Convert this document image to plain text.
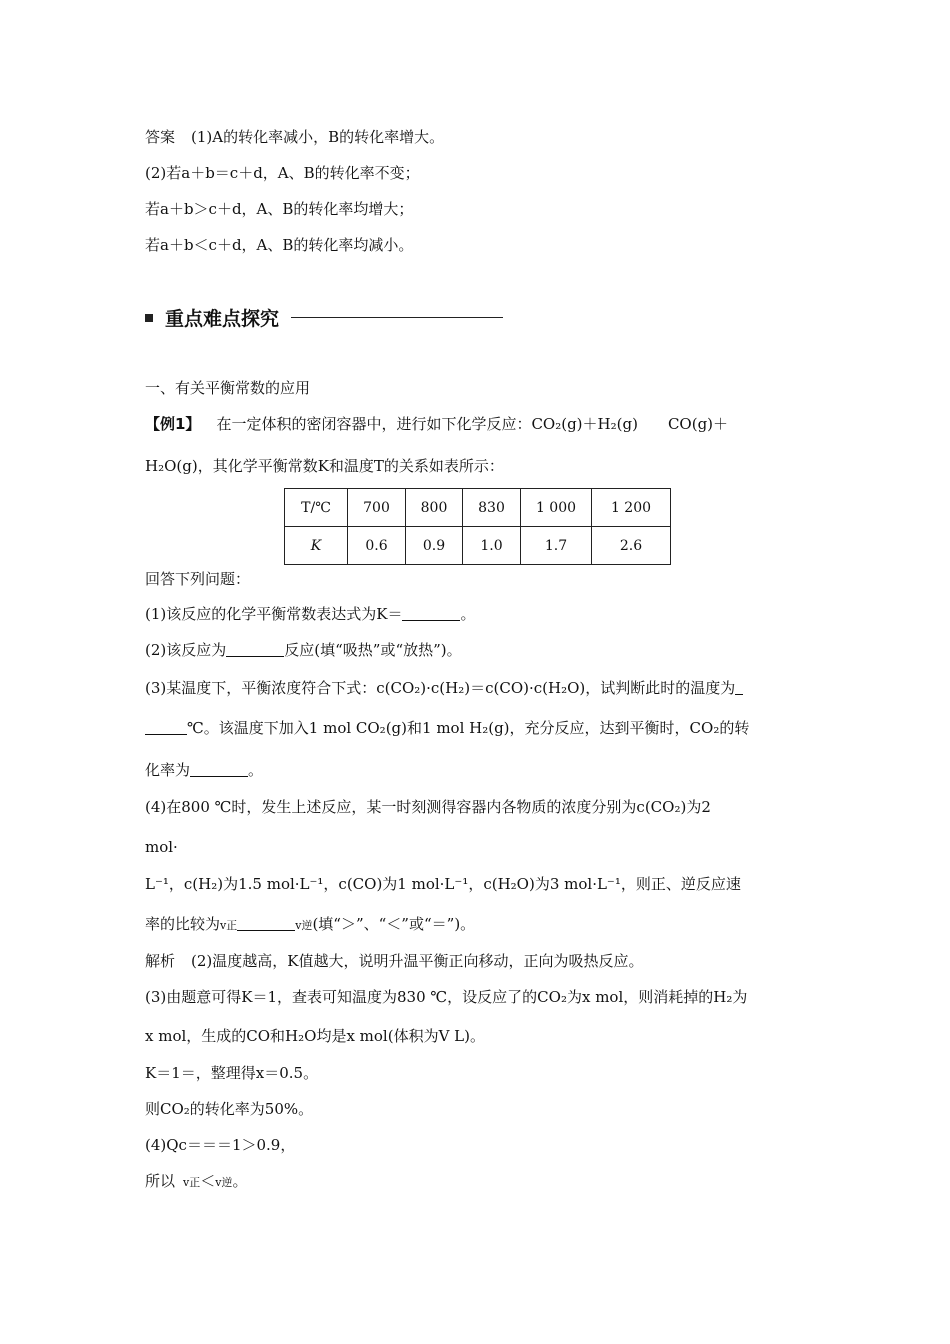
答案 (1)A的转化率减小，B的转化率增大。
(2)若a＋b＝c＋d，A、B的转化率不变；
若a＋b＞c＋d，A、B的转化率均增大；
若a＋b＜c＋d，A、B的转化率均减小。
重点难点探究
一、有关平衡常数的应用
【例1】 在一定体积的密闭容器中，进行如下化学反应：CO₂(g)＋H₂(g) CO(g)＋
H₂O(g)，其化学平衡常数K和温度T的关系如表所示：
T/℃	700	800	830	1 000	1 200
K	0.6	0.9	1.0	1.7	2.6
回答下列问题：
(1)该反应的化学平衡常数表达式为K＝	。
(2)该反应为	反应(填“吸热”或“放热”)。
(3)某温度下，平衡浓度符合下式：c(CO₂)·c(H₂)＝c(CO)·c(H₂O)，试判断此时的温度为
℃。该温度下加入1 mol CO₂(g)和1 mol H₂(g)，充分反应，达到平衡时，CO₂的转
化率为	。
(4)在800 ℃时，发生上述反应，某一时刻测得容器内各物质的浓度分别为c(CO₂)为2
mol·
L⁻¹，c(H₂)为1.5 mol·L⁻¹，c(CO)为1 mol·L⁻¹，c(H₂O)为3 mol·L⁻¹，则正、逆反应速
率的比较为v正	v逆(填“＞”、“＜”或“＝”)。
解析 (2)温度越高，K值越大，说明升温平衡正向移动，正向为吸热反应。
(3)由题意可得K＝1，查表可知温度为830 ℃，设反应了的CO₂为x mol，则消耗掉的H₂为
x mol，生成的CO和H₂O均是x mol(体积为V L)。
K＝1＝，整理得x＝0.5。
则CO₂的转化率为50%。
(4)Qc＝＝＝1＞0.9，
所以 v正＜v逆。
